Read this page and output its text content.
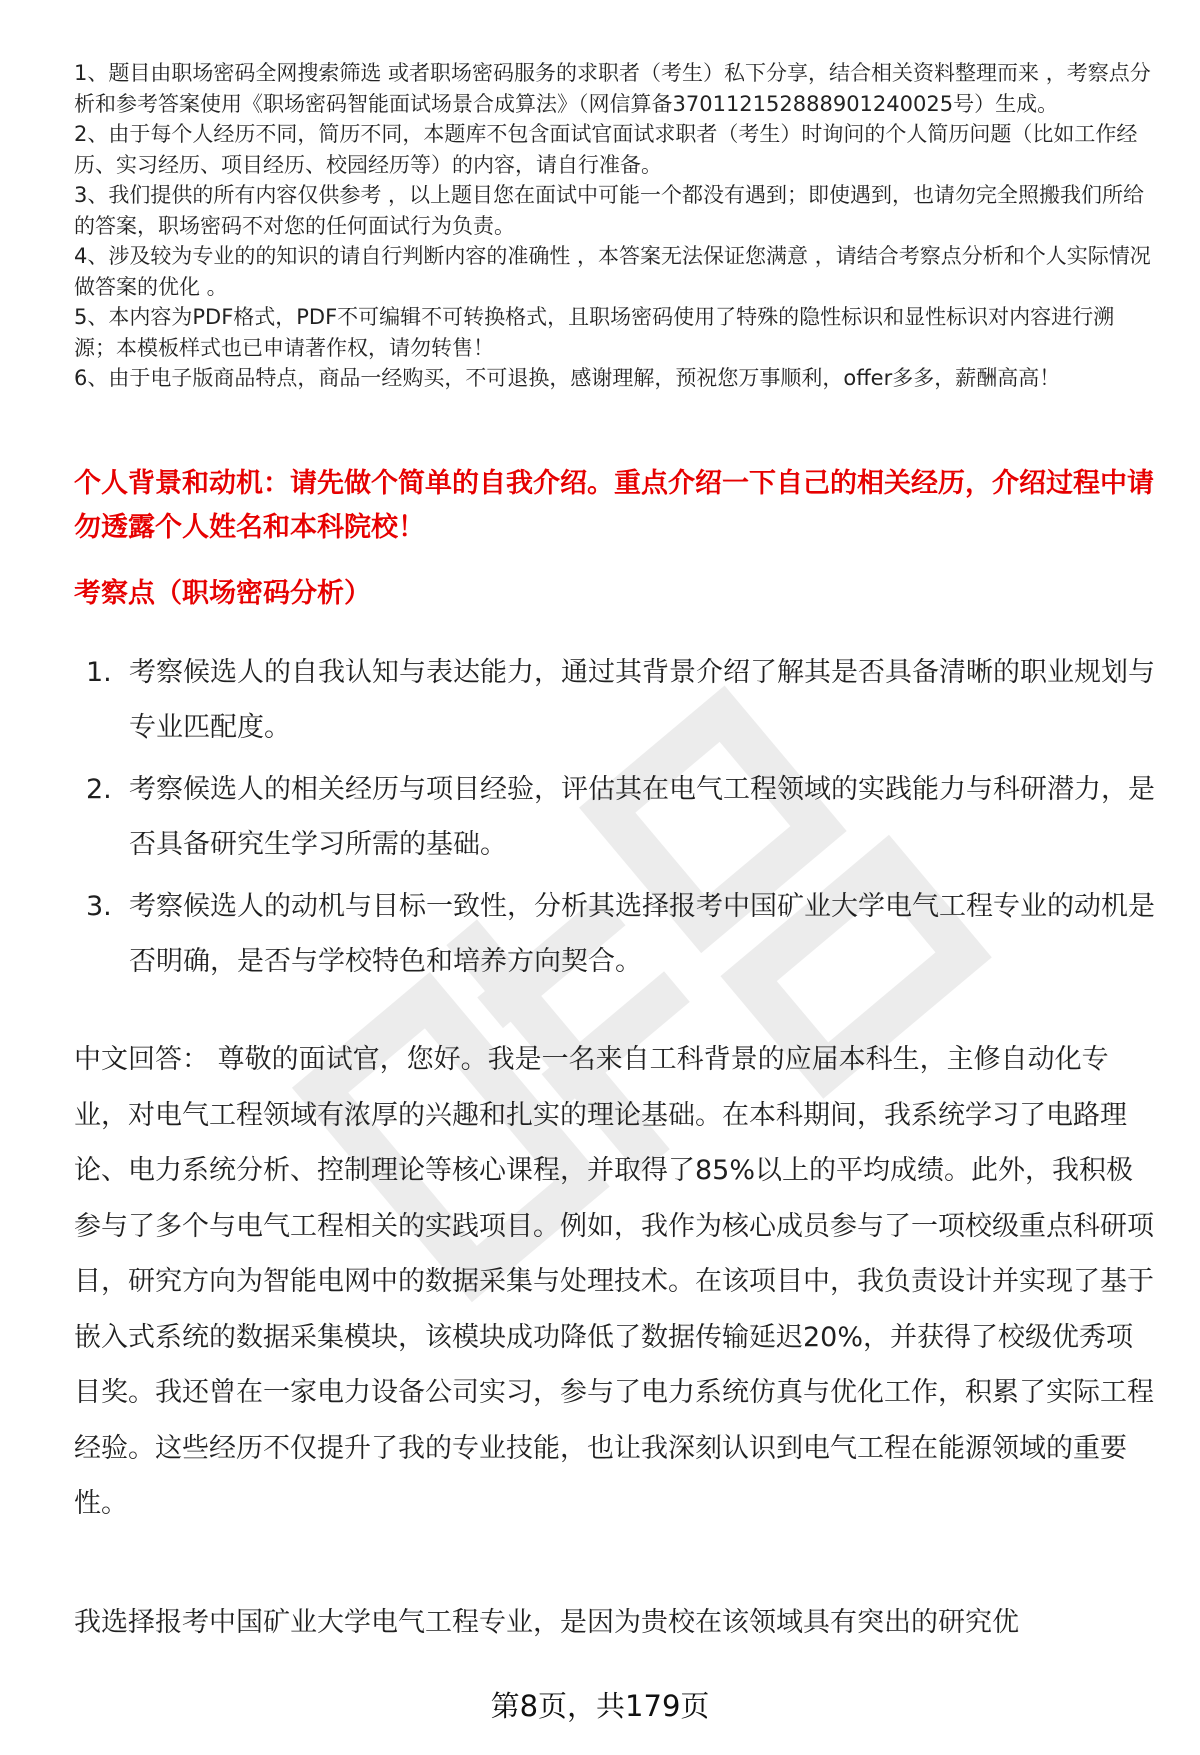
1、题目由职场密码全网搜索筛选 或者职场密码服务的求职者（考生）私下分享，结合相关资料整理而来 ，考察点分析和参考答案使用《职场密码智能面试场景合成算法》（网信算备370112152888901240025号）生成。
2、由于每个人经历不同，简历不同，本题库不包含面试官面试求职者（考生）时询问的个人简历问题（比如工作经历、实习经历、项目经历、校园经历等）的内容，请自行准备。
3、我们提供的所有内容仅供参考 ，以上题目您在面试中可能一个都没有遇到；即使遇到，也请勿完全照搬我们所给的答案，职场密码不对您的任何面试行为负责。
4、涉及较为专业的的知识的请自行判断内容的准确性 ，本答案无法保证您满意 ，请结合考察点分析和个人实际情况做答案的优化 。
5、本内容为PDF格式，PDF不可编辑不可转换格式，且职场密码使用了特殊的隐性标识和显性标识对内容进行溯源；本模板样式也已申请著作权，请勿转售！
6、由于电子版商品特点，商品一经购买，不可退换，感谢理解，预祝您万事顺利，offer多多，薪酬高高！

个人背景和动机：请先做个简单的自我介绍。重点介绍一下自己的相关经历，介绍过程中请勿透露个人姓名和本科院校！

考察点（职场密码分析）

1. 考察候选人的自我认知与表达能力，通过其背景介绍了解其是否具备清晰的职业规划与专业匹配度。
2. 考察候选人的相关经历与项目经验，评估其在电气工程领域的实践能力与科研潜力，是否具备研究生学习所需的基础。
3. 考察候选人的动机与目标一致性，分析其选择报考中国矿业大学电气工程专业的动机是否明确，是否与学校特色和培养方向契合。

中文回答： 尊敬的面试官，您好。我是一名来自工科背景的应届本科生，主修自动化专业，对电气工程领域有浓厚的兴趣和扎实的理论基础。在本科期间，我系统学习了电路理论、电力系统分析、控制理论等核心课程，并取得了85%以上的平均成绩。此外，我积极参与了多个与电气工程相关的实践项目。例如，我作为核心成员参与了一项校级重点科研项目，研究方向为智能电网中的数据采集与处理技术。在该项目中，我负责设计并实现了基于嵌入式系统的数据采集模块，该模块成功降低了数据传输延迟20%，并获得了校级优秀项目奖。我还曾在一家电力设备公司实习，参与了电力系统仿真与优化工作，积累了实际工程经验。这些经历不仅提升了我的专业技能，也让我深刻认识到电气工程在能源领域的重要性。

我选择报考中国矿业大学电气工程专业，是因为贵校在该领域具有突出的研究优

第8页，共179页
